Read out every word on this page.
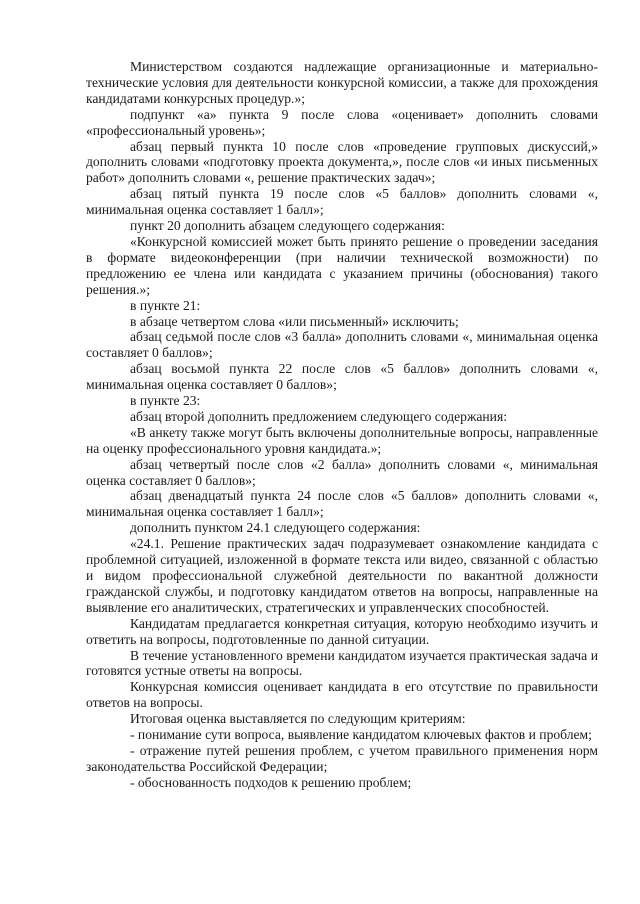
Министерством создаются надлежащие организационные и материально-технические условия для деятельности конкурсной комиссии, а также для прохождения кандидатами конкурсных процедур.»;

подпункт «а» пункта 9 после слова «оценивает» дополнить словами «профессиональный уровень»;

абзац первый пункта 10 после слов «проведение групповых дискуссий,» дополнить словами «подготовку проекта документа,», после слов «и иных письменных работ» дополнить словами «, решение практических задач»;

абзац пятый пункта 19 после слов «5 баллов» дополнить словами «, минимальная оценка составляет 1 балл»;

пункт 20 дополнить абзацем следующего содержания:

«Конкурсной комиссией может быть принято решение о проведении заседания в формате видеоконференции (при наличии технической возможности) по предложению ее члена или кандидата с указанием причины (обоснования) такого решения.»;

в пункте 21:

в абзаце четвертом слова «или письменный» исключить;

абзац седьмой после слов «3 балла» дополнить словами «, минимальная оценка составляет 0 баллов»;

абзац восьмой пункта 22 после слов «5 баллов» дополнить словами «, минимальная оценка составляет 0 баллов»;

в пункте 23:

абзац второй дополнить предложением следующего содержания:

«В анкету также могут быть включены дополнительные вопросы, направленные на оценку профессионального уровня кандидата.»;

абзац четвертый после слов «2 балла» дополнить словами «, минимальная оценка составляет 0 баллов»;

абзац двенадцатый пункта 24 после слов «5 баллов» дополнить словами «, минимальная оценка составляет 1 балл»;

дополнить пунктом 24.1 следующего содержания:

«24.1. Решение практических задач подразумевает ознакомление кандидата с проблемной ситуацией, изложенной в формате текста или видео, связанной с областью и видом профессиональной служебной деятельности по вакантной должности гражданской службы, и подготовку кандидатом ответов на вопросы, направленные на выявление его аналитических, стратегических и управленческих способностей.

Кандидатам предлагается конкретная ситуация, которую необходимо изучить и ответить на вопросы, подготовленные по данной ситуации.

В течение установленного времени кандидатом изучается практическая задача и готовятся устные ответы на вопросы.

Конкурсная комиссия оценивает кандидата в его отсутствие по правильности ответов на вопросы.

Итоговая оценка выставляется по следующим критериям:

- понимание сути вопроса, выявление кандидатом ключевых фактов и проблем;

- отражение путей решения проблем, с учетом правильного применения норм законодательства Российской Федерации;

- обоснованность подходов к решению проблем;
